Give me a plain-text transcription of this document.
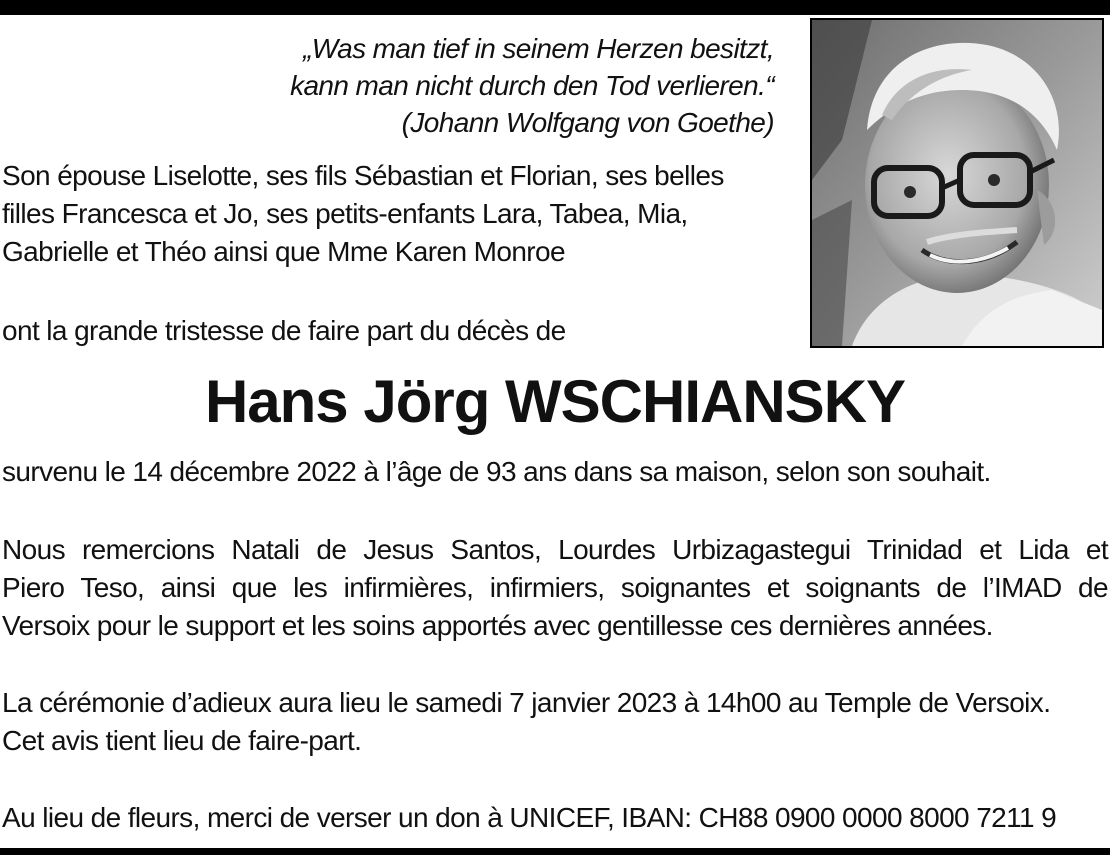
„Was man tief in seinem Herzen besitzt,
kann man nicht durch den Tod verlieren.“
(Johann Wolfgang von Goethe)
Son épouse Liselotte, ses fils Sébastian et Florian, ses belles
filles Francesca et Jo, ses petits-enfants Lara, Tabea, Mia,
Gabrielle et Théo ainsi que Mme Karen Monroe
ont la grande tristesse de faire part du décès de
Hans Jörg WSCHIANSKY
survenu le 14 décembre 2022 à l’âge de 93 ans dans sa maison, selon son souhait.
Nous remercions Natali de Jesus Santos, Lourdes Urbizagastegui Trinidad et Lida et
Piero Teso, ainsi que les infirmières, infirmiers, soignantes et soignants de l’IMAD de
Versoix pour le support et les soins apportés avec gentillesse ces dernières années.
La cérémonie d’adieux aura lieu le samedi 7 janvier 2023 à 14h00 au Temple de Versoix.
Cet avis tient lieu de faire-part.
Au lieu de fleurs, merci de verser un don à UNICEF, IBAN: CH88 0900 0000 8000 7211 9
